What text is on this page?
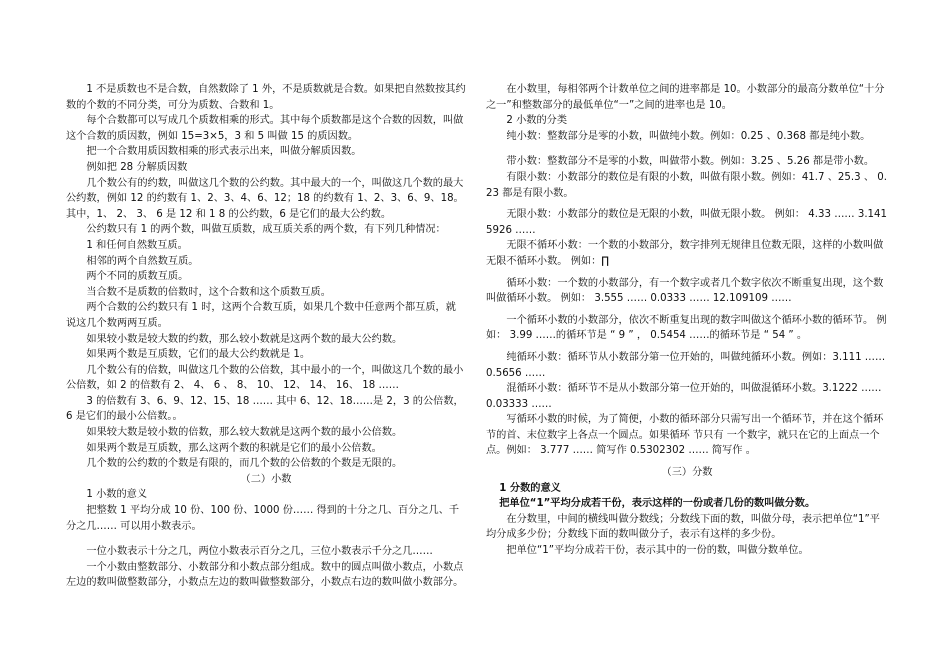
1 不是质数也不是合数，自然数除了 1 外，不是质数就是合数。如果把自然数按其约数的个数的不同分类，可分为质数、合数和 1。

每个合数都可以写成几个质数相乘的形式。其中每个质数都是这个合数的因数，叫做这个合数的质因数，例如 15=3×5，3 和 5 叫做 15 的质因数。

把一个合数用质因数相乘的形式表示出来，叫做分解质因数。

例如把 28 分解质因数

几个数公有的约数，叫做这几个数的公约数。其中最大的一个，叫做这几个数的最大公约数，例如 12 的约数有 1、2、3、4、6、12；18 的约数有 1、2、3、6、9、18。其中，1、 2、 3、 6 是 12 和 1 8 的公约数，6 是它们的最大公约数。

公约数只有 1 的两个数，叫做互质数，成互质关系的两个数，有下列几种情况：

1 和任何自然数互质。

相邻的两个自然数互质。

两个不同的质数互质。

当合数不是质数的倍数时，这个合数和这个质数互质。

两个合数的公约数只有 1 时，这两个合数互质，如果几个数中任意两个都互质，就说这几个数两两互质。

如果较小数是较大数的约数，那么较小数就是这两个数的最大公约数。

如果两个数是互质数，它们的最大公约数就是 1。

几个数公有的倍数，叫做这几个数的公倍数，其中最小的一个，叫做这几个数的最小公倍数，如 2 的倍数有 2、 4、 6 、 8、 10、 12、 14、 16、 18 ……

3 的倍数有 3、6、9、12、15、18 …… 其中 6、12、18……是 2，3 的公倍数，6 是它们的最小公倍数。。

如果较大数是较小数的倍数，那么较大数就是这两个数的最小公倍数。

如果两个数是互质数，那么这两个数的积就是它们的最小公倍数。

几个数的公约数的个数是有限的，而几个数的公倍数的个数是无限的。

（二）小数

1 小数的意义

把整数 1 平均分成 10 份、100 份、1000 份…… 得到的十分之几、百分之几、千分之几…… 可以用小数表示。

一位小数表示十分之几，两位小数表示百分之几，三位小数表示千分之几……

一个小数由整数部分、小数部分和小数点部分组成。数中的圆点叫做小数点，小数点左边的数叫做整数部分，小数点左边的数叫做整数部分，小数点右边的数叫做小数部分。

在小数里，每相邻两个计数单位之间的进率都是 10。小数部分的最高分数单位“十分之一”和整数部分的最低单位“一”之间的进率也是 10。

2 小数的分类

纯小数：整数部分是零的小数，叫做纯小数。例如：0.25 、0.368 都是纯小数。

带小数：整数部分不是零的小数，叫做带小数。例如：3.25 、5.26 都是带小数。

有限小数：小数部分的数位是有限的小数，叫做有限小数。例如：41.7 、25.3 、 0.23 都是有限小数。

无限小数：小数部分的数位是无限的小数，叫做无限小数。 例如： 4.33 …… 3.1415926 ……

无限不循环小数：一个数的小数部分，数字排列无规律且位数无限，这样的小数叫做无限不循环小数。 例如：∏

循环小数：一个数的小数部分，有一个数字或者几个数字依次不断重复出现，这个数叫做循环小数。 例如： 3.555 …… 0.0333 …… 12.109109 ……

一个循环小数的小数部分，依次不断重复出现的数字叫做这个循环小数的循环节。 例如： 3.99 ……的循环节是 “ 9 ” ， 0.5454 ……的循环节是 “ 54 ” 。

纯循环小数：循环节从小数部分第一位开始的，叫做纯循环小数。例如：3.111 …… 0.5656 ……

混循环小数：循环节不是从小数部分第一位开始的，叫做混循环小数。3.1222 …… 0.03333 ……

写循环小数的时候，为了简便，小数的循环部分只需写出一个循环节，并在这个循环节的首、末位数字上各点一个圆点。如果循环 节只有 一个数字，就只在它的上面点一个点。例如： 3.777 …… 简写作 0.5302302 …… 简写作 。

（三）分数

1 分数的意义

把单位“1”平均分成若干份，表示这样的一份或者几份的数叫做分数。

在分数里，中间的横线叫做分数线；分数线下面的数，叫做分母，表示把单位“1”平均分成多少份；分数线下面的数叫做分子，表示有这样的多少份。

把单位“1”平均分成若干份，表示其中的一份的数，叫做分数单位。
